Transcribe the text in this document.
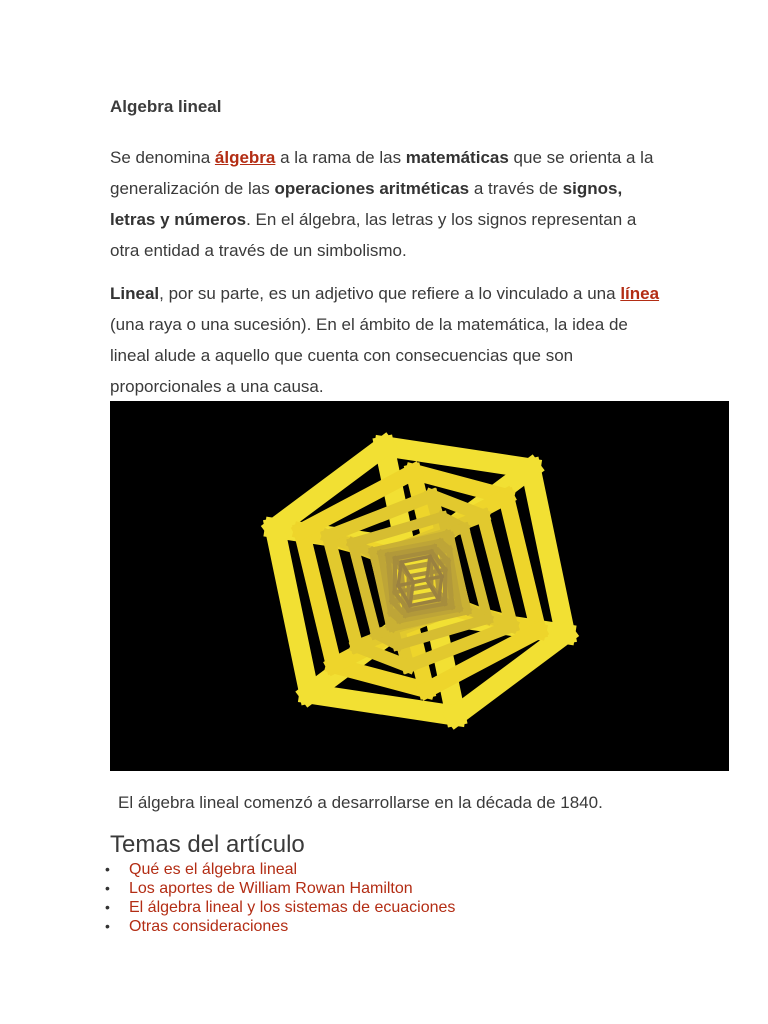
Algebra lineal

Se denomina álgebra a la rama de las matemáticas que se orienta a la generalización de las operaciones aritméticas a través de signos, letras y números. En el álgebra, las letras y los signos representan a otra entidad a través de un simbolismo.

Lineal, por su parte, es un adjetivo que refiere a lo vinculado a una línea (una raya o una sucesión). En el ámbito de la matemática, la idea de lineal alude a aquello que cuenta con consecuencias que son proporcionales a una causa.

El álgebra lineal comenzó a desarrollarse en la década de 1840.
Temas del artículo
• Qué es el álgebra lineal
• Los aportes de William Rowan Hamilton
• El álgebra lineal y los sistemas de ecuaciones
• Otras consideraciones
